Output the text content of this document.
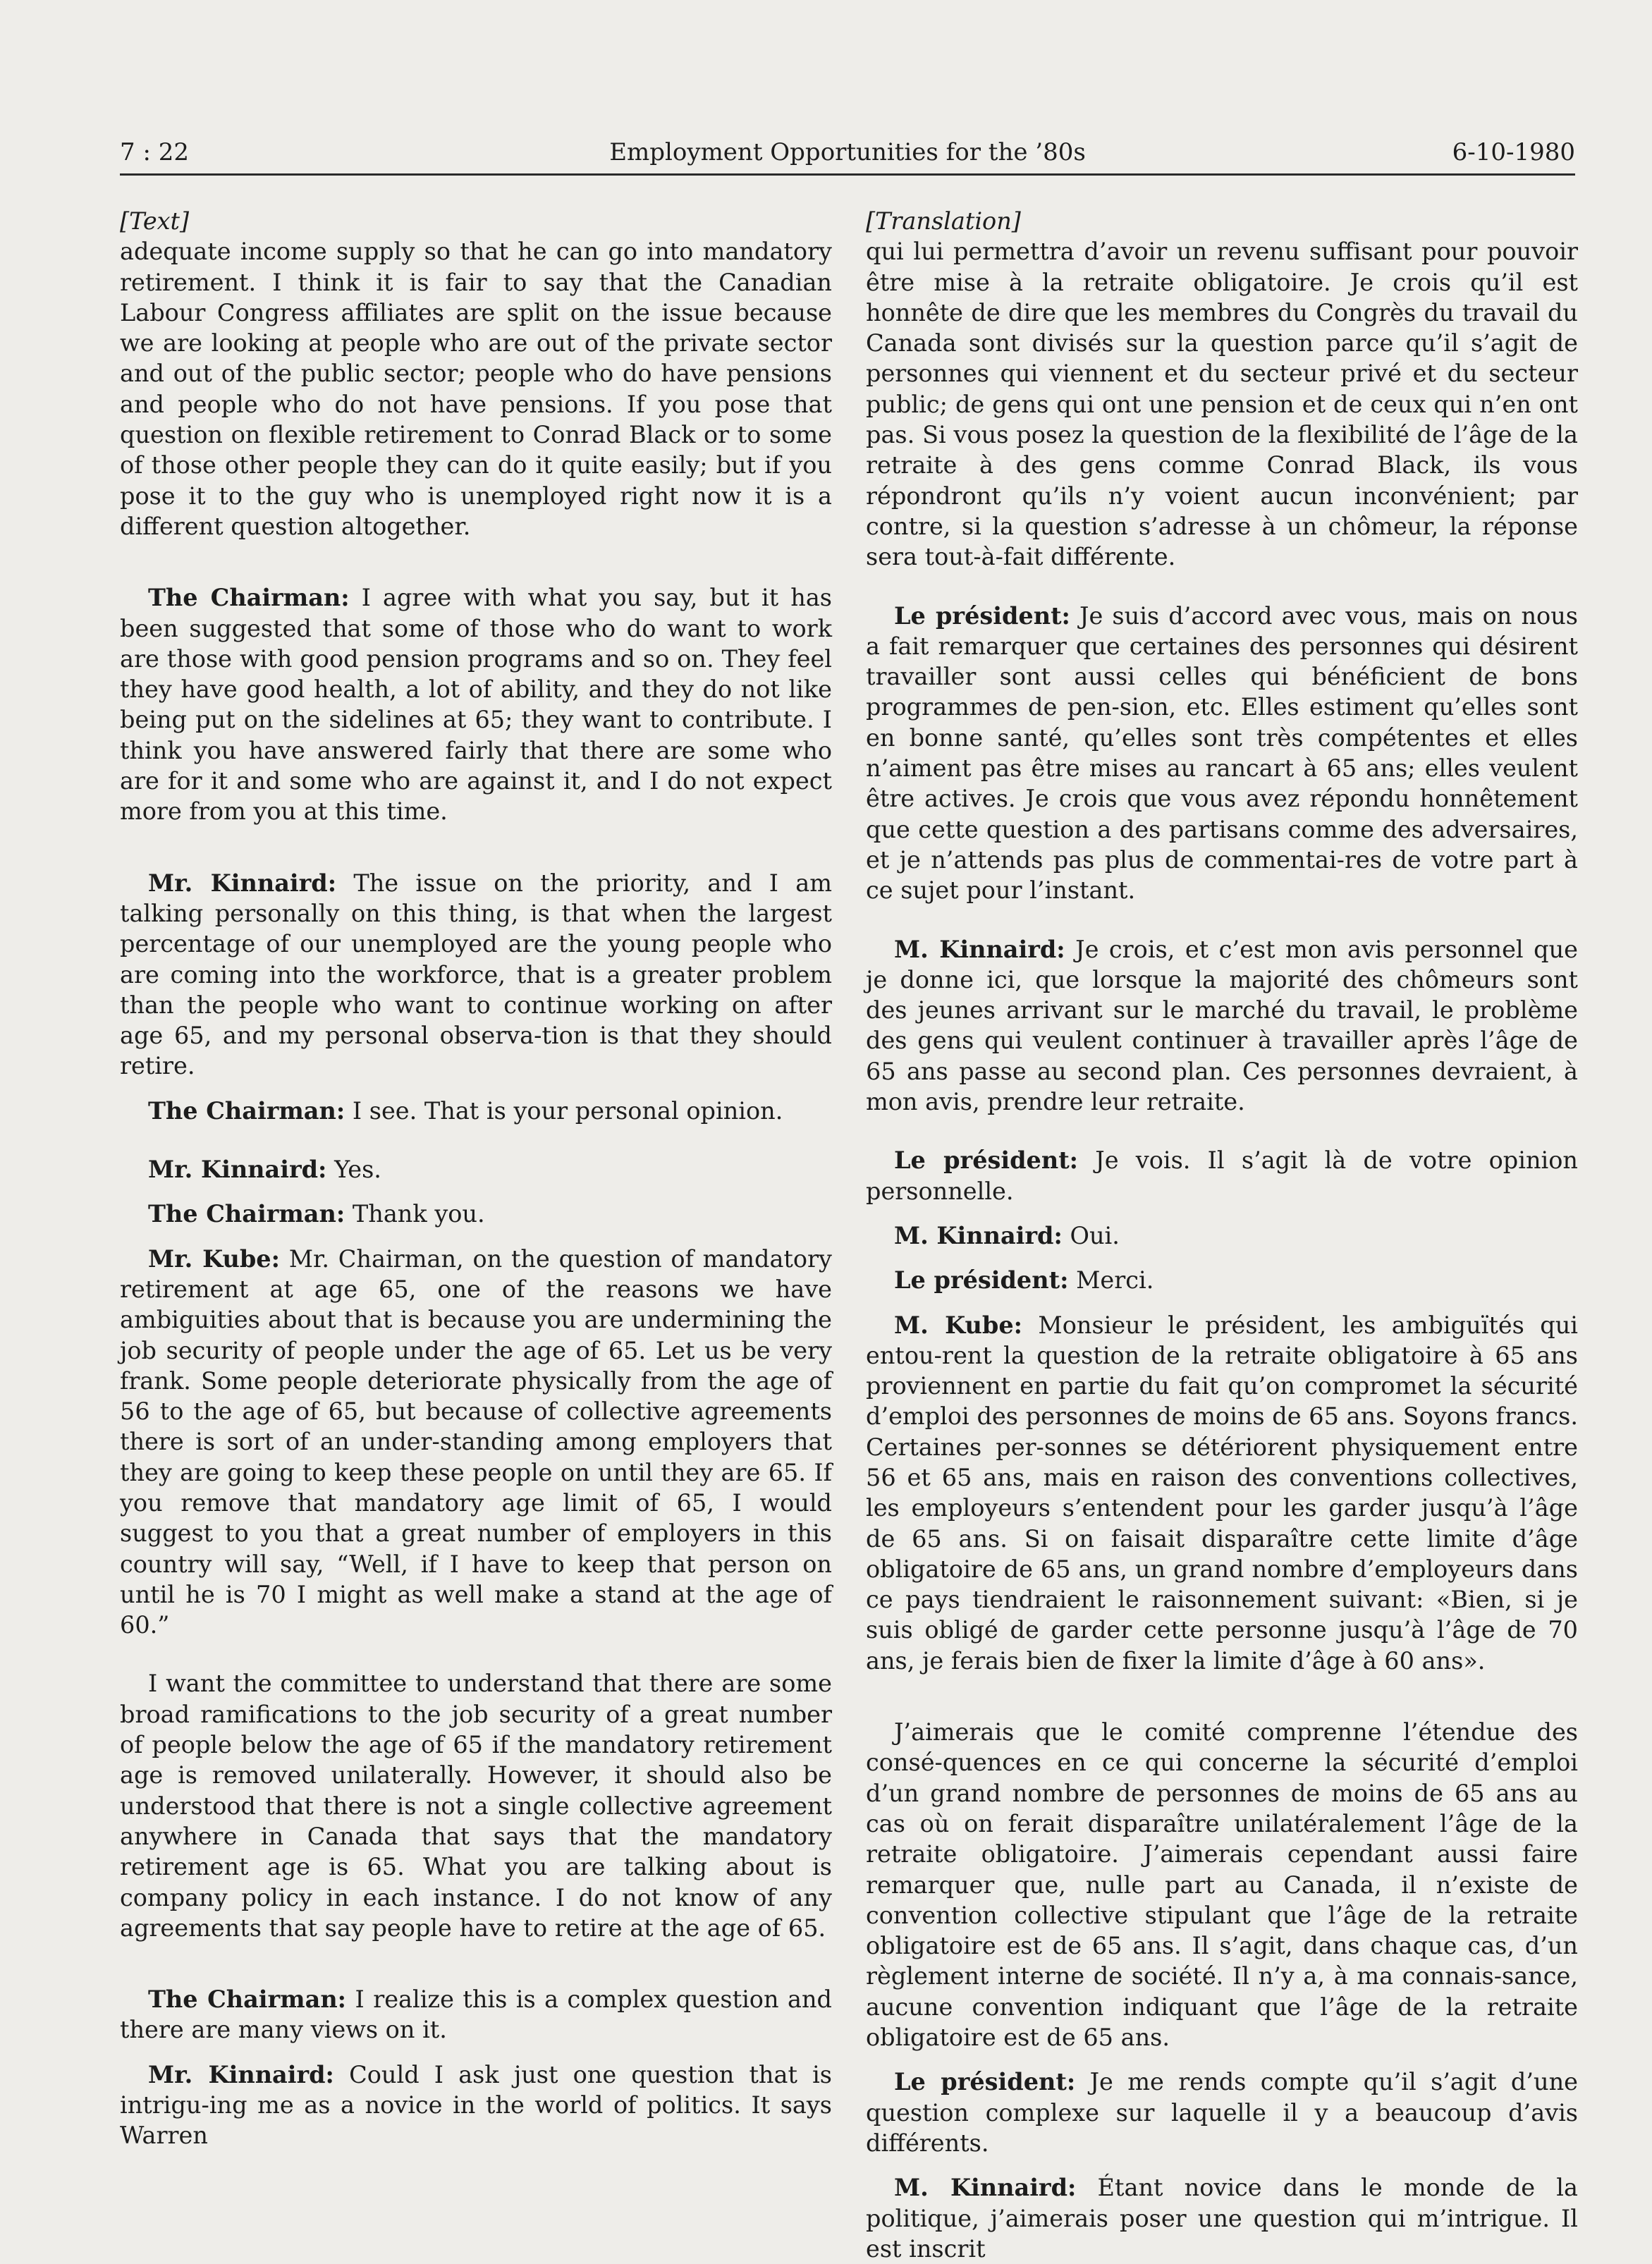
7 : 22	Employment Opportunities for the ’80s	6-10-1980

[Text]

adequate income supply so that he can go into mandatory retirement. I think it is fair to say that the Canadian Labour Congress affiliates are split on the issue because we are looking at people who are out of the private sector and out of the public sector; people who do have pensions and people who do not have pensions. If you pose that question on flexible retirement to Conrad Black or to some of those other people they can do it quite easily; but if you pose it to the guy who is unemployed right now it is a different question altogether.

The Chairman: I agree with what you say, but it has been suggested that some of those who do want to work are those with good pension programs and so on. They feel they have good health, a lot of ability, and they do not like being put on the sidelines at 65; they want to contribute. I think you have answered fairly that there are some who are for it and some who are against it, and I do not expect more from you at this time.

Mr. Kinnaird: The issue on the priority, and I am talking personally on this thing, is that when the largest percentage of our unemployed are the young people who are coming into the workforce, that is a greater problem than the people who want to continue working on after age 65, and my personal observa-tion is that they should retire.

The Chairman: I see. That is your personal opinion.

Mr. Kinnaird: Yes.

The Chairman: Thank you.

Mr. Kube: Mr. Chairman, on the question of mandatory retirement at age 65, one of the reasons we have ambiguities about that is because you are undermining the job security of people under the age of 65. Let us be very frank. Some people deteriorate physically from the age of 56 to the age of 65, but because of collective agreements there is sort of an under-standing among employers that they are going to keep these people on until they are 65. If you remove that mandatory age limit of 65, I would suggest to you that a great number of employers in this country will say, “Well, if I have to keep that person on until he is 70 I might as well make a stand at the age of 60.”

I want the committee to understand that there are some broad ramifications to the job security of a great number of people below the age of 65 if the mandatory retirement age is removed unilaterally. However, it should also be understood that there is not a single collective agreement anywhere in Canada that says that the mandatory retirement age is 65. What you are talking about is company policy in each instance. I do not know of any agreements that say people have to retire at the age of 65.

The Chairman: I realize this is a complex question and there are many views on it.

Mr. Kinnaird: Could I ask just one question that is intrigu-ing me as a novice in the world of politics. It says Warren

[Translation]

qui lui permettra d’avoir un revenu suffisant pour pouvoir être mise à la retraite obligatoire. Je crois qu’il est honnête de dire que les membres du Congrès du travail du Canada sont divisés sur la question parce qu’il s’agit de personnes qui viennent et du secteur privé et du secteur public; de gens qui ont une pension et de ceux qui n’en ont pas. Si vous posez la question de la flexibilité de l’âge de la retraite à des gens comme Conrad Black, ils vous répondront qu’ils n’y voient aucun inconvénient; par contre, si la question s’adresse à un chômeur, la réponse sera tout-à-fait différente.

Le président: Je suis d’accord avec vous, mais on nous a fait remarquer que certaines des personnes qui désirent travailler sont aussi celles qui bénéficient de bons programmes de pen-sion, etc. Elles estiment qu’elles sont en bonne santé, qu’elles sont très compétentes et elles n’aiment pas être mises au rancart à 65 ans; elles veulent être actives. Je crois que vous avez répondu honnêtement que cette question a des partisans comme des adversaires, et je n’attends pas plus de commentai-res de votre part à ce sujet pour l’instant.

M. Kinnaird: Je crois, et c’est mon avis personnel que je donne ici, que lorsque la majorité des chômeurs sont des jeunes arrivant sur le marché du travail, le problème des gens qui veulent continuer à travailler après l’âge de 65 ans passe au second plan. Ces personnes devraient, à mon avis, prendre leur retraite.

Le président: Je vois. Il s’agit là de votre opinion personnelle.

M. Kinnaird: Oui.

Le président: Merci.

M. Kube: Monsieur le président, les ambiguïtés qui entou-rent la question de la retraite obligatoire à 65 ans proviennent en partie du fait qu’on compromet la sécurité d’emploi des personnes de moins de 65 ans. Soyons francs. Certaines per-sonnes se détériorent physiquement entre 56 et 65 ans, mais en raison des conventions collectives, les employeurs s’entendent pour les garder jusqu’à l’âge de 65 ans. Si on faisait disparaître cette limite d’âge obligatoire de 65 ans, un grand nombre d’employeurs dans ce pays tiendraient le raisonnement suivant: «Bien, si je suis obligé de garder cette personne jusqu’à l’âge de 70 ans, je ferais bien de fixer la limite d’âge à 60 ans».

J’aimerais que le comité comprenne l’étendue des consé-quences en ce qui concerne la sécurité d’emploi d’un grand nombre de personnes de moins de 65 ans au cas où on ferait disparaître unilatéralement l’âge de la retraite obligatoire. J’aimerais cependant aussi faire remarquer que, nulle part au Canada, il n’existe de convention collective stipulant que l’âge de la retraite obligatoire est de 65 ans. Il s’agit, dans chaque cas, d’un règlement interne de société. Il n’y a, à ma connais-sance, aucune convention indiquant que l’âge de la retraite obligatoire est de 65 ans.

Le président: Je me rends compte qu’il s’agit d’une question complexe sur laquelle il y a beaucoup d’avis différents.

M. Kinnaird: Étant novice dans le monde de la politique, j’aimerais poser une question qui m’intrigue. Il est inscrit
